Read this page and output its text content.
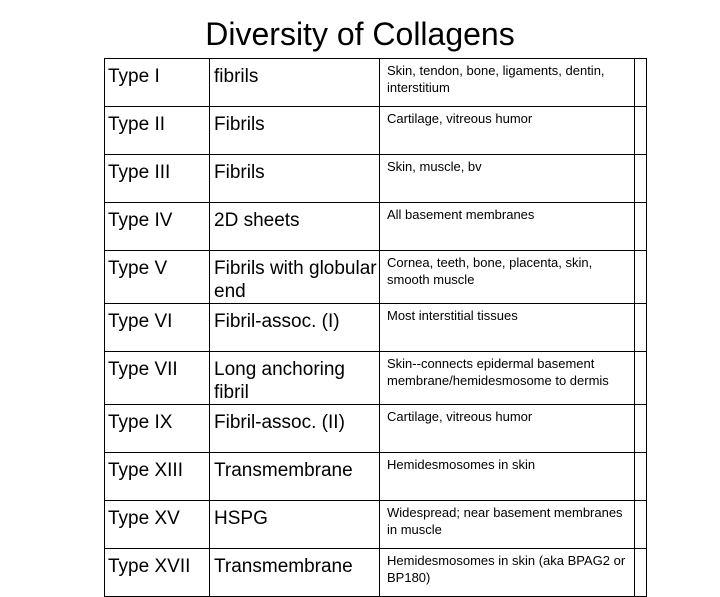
Diversity of Collagens
Type I	fibrils	Skin, tendon, bone, ligaments, dentin, interstitium	
Type II	Fibrils	Cartilage, vitreous humor	
Type III	Fibrils	Skin, muscle, bv	
Type IV	2D sheets	All basement membranes	
Type V	Fibrils with globular end	Cornea, teeth, bone, placenta, skin, smooth muscle	
Type VI	Fibril-assoc. (I)	Most interstitial tissues	
Type VII	Long anchoring fibril	Skin--connects epidermal basement membrane/hemidesmosome to dermis	
Type IX	Fibril-assoc. (II)	Cartilage, vitreous humor	
Type XIII	Transmembrane	Hemidesmosomes in skin	
Type XV	HSPG	Widespread; near basement membranes in muscle	
Type XVII	Transmembrane	Hemidesmosomes in skin (aka BPAG2 or BP180)	
